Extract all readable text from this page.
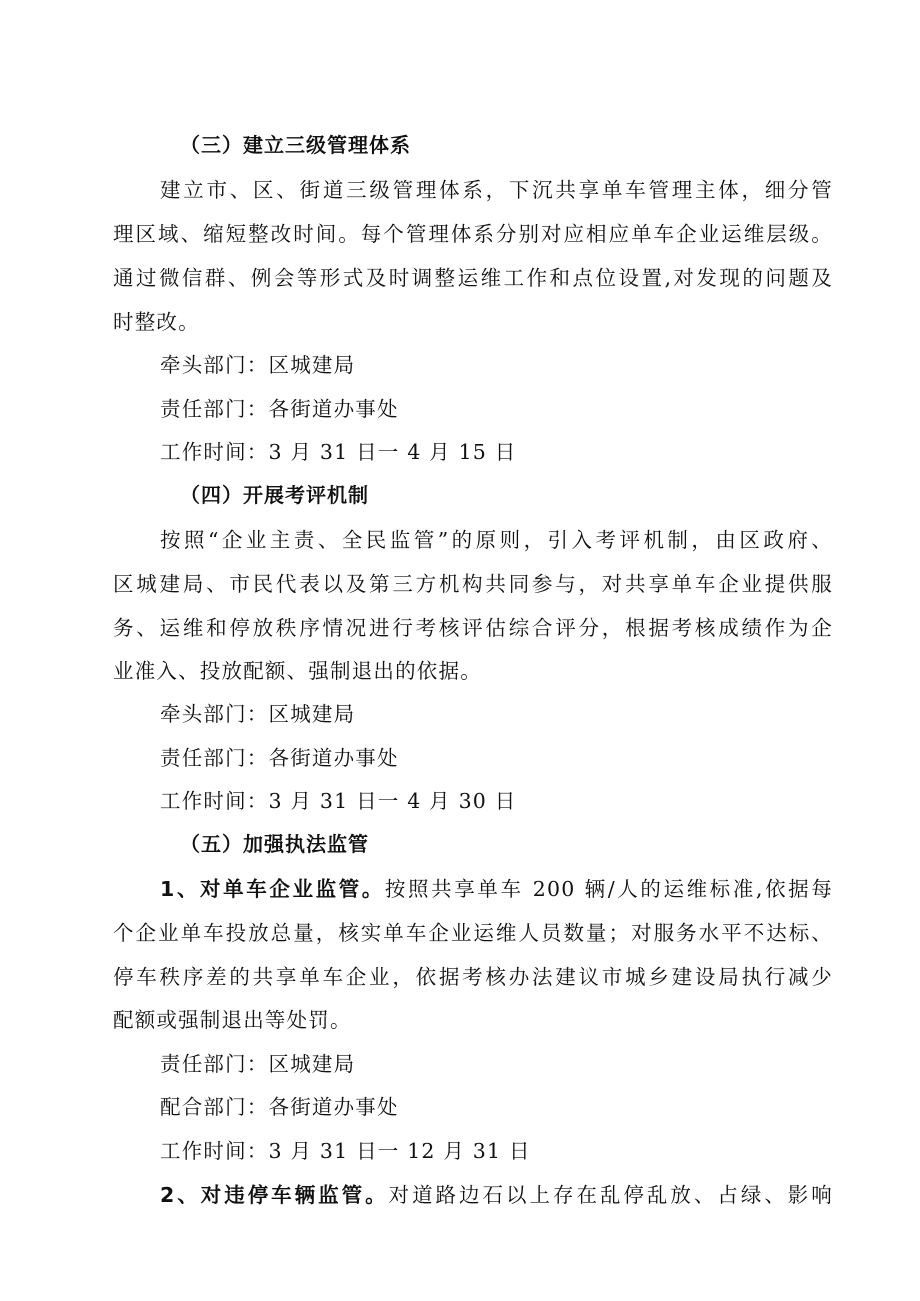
（三）建立三级管理体系
建立市、区、街道三级管理体系，下沉共享单车管理主体，细分管
理区域、缩短整改时间。每个管理体系分别对应相应单车企业运维层级。
通过微信群、例会等形式及时调整运维工作和点位设置,对发现的问题及
时整改。
牵头部门：区城建局
责任部门：各街道办事处
工作时间：3 月 31 日一 4 月 15 日
（四）开展考评机制
按照“企业主责、全民监管”的原则，引入考评机制，由区政府、
区城建局、市民代表以及第三方机构共同参与，对共享单车企业提供服
务、运维和停放秩序情况进行考核评估综合评分，根据考核成绩作为企
业准入、投放配额、强制退出的依据。
牵头部门：区城建局
责任部门：各街道办事处
工作时间：3 月 31 日一 4 月 30 日
（五）加强执法监管
1、对单车企业监管。按照共享单车 200 辆/人的运维标准,依据每
个企业单车投放总量，核实单车企业运维人员数量；对服务水平不达标、
停车秩序差的共享单车企业，依据考核办法建议市城乡建设局执行减少
配额或强制退出等处罚。
责任部门：区城建局
配合部门：各街道办事处
工作时间：3 月 31 日一 12 月 31 日
2、对违停车辆监管。对道路边石以上存在乱停乱放、占绿、影响
